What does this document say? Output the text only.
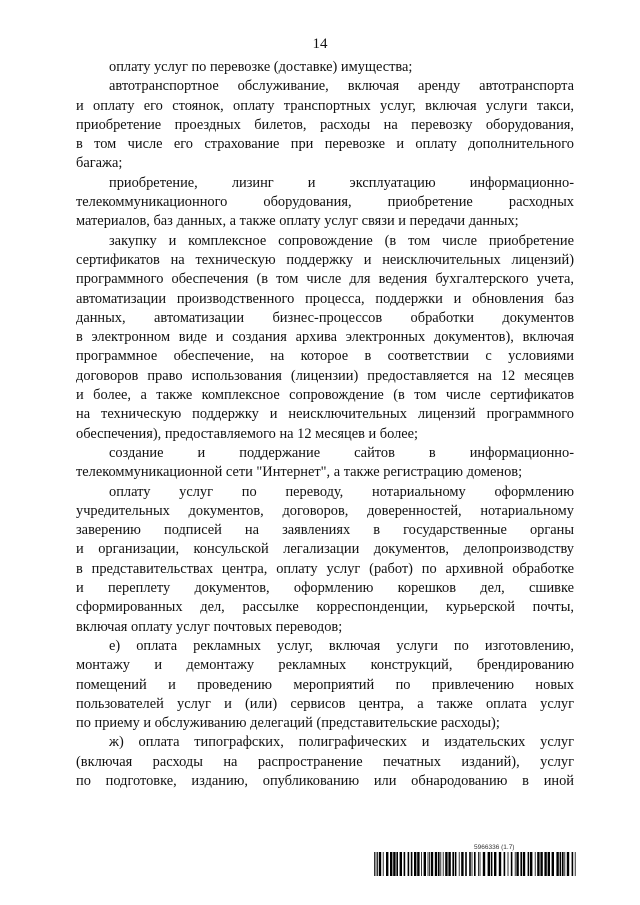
14
оплату услуг по перевозке (доставке) имущества;
автотранспортное обслуживание, включая аренду автотранспорта
и оплату его стоянок, оплату транспортных услуг, включая услуги такси,
приобретение проездных билетов, расходы на перевозку оборудования,
в том числе его страхование при перевозке и оплату дополнительного
багажа;
приобретение, лизинг и эксплуатацию информационно-
телекоммуникационного оборудования, приобретение расходных
материалов, баз данных, а также оплату услуг связи и передачи данных;
закупку и комплексное сопровождение (в том числе приобретение
сертификатов на техническую поддержку и неисключительных лицензий)
программного обеспечения (в том числе для ведения бухгалтерского учета,
автоматизации производственного процесса, поддержки и обновления баз
данных, автоматизации бизнес-процессов обработки документов
в электронном виде и создания архива электронных документов), включая
программное обеспечение, на которое в соответствии с условиями
договоров право использования (лицензии) предоставляется на 12 месяцев
и более, а также комплексное сопровождение (в том числе сертификатов
на техническую поддержку и неисключительных лицензий программного
обеспечения), предоставляемого на 12 месяцев и более;
создание и поддержание сайтов в информационно-
телекоммуникационной сети "Интернет", а также регистрацию доменов;
оплату услуг по переводу, нотариальному оформлению
учредительных документов, договоров, доверенностей, нотариальному
заверению подписей на заявлениях в государственные органы
и организации, консульской легализации документов, делопроизводству
в представительствах центра, оплату услуг (работ) по архивной обработке
и переплету документов, оформлению корешков дел, сшивке
сформированных дел, рассылке корреспонденции, курьерской почты,
включая оплату услуг почтовых переводов;
е) оплата рекламных услуг, включая услуги по изготовлению,
монтажу и демонтажу рекламных конструкций, брендированию
помещений и проведению мероприятий по привлечению новых
пользователей услуг и (или) сервисов центра, а также оплата услуг
по приему и обслуживанию делегаций (представительские расходы);
ж) оплата типографских, полиграфических и издательских услуг
(включая расходы на распространение печатных изданий), услуг
по подготовке, изданию, опубликованию или обнародованию в иной
5966336 (1.7)
